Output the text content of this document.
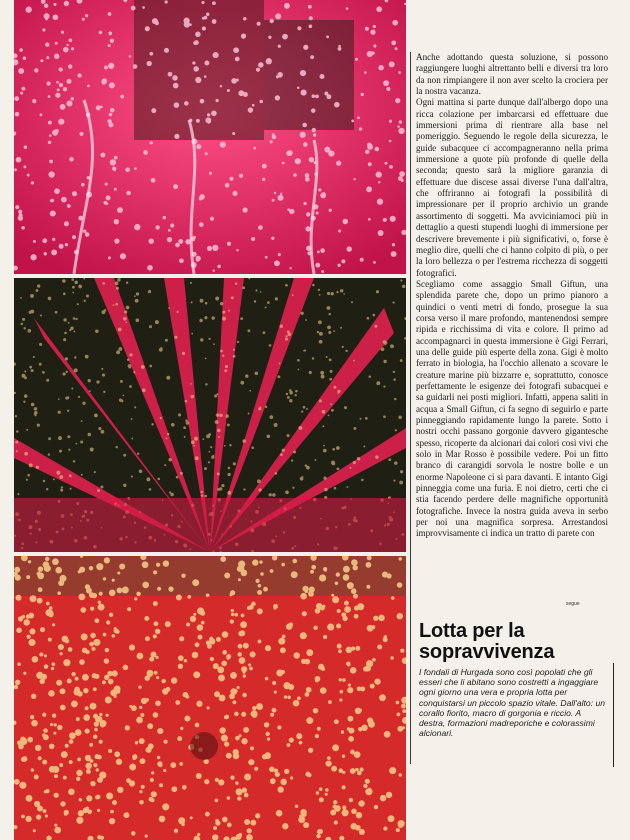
Anche adottando questa soluzione, si possono raggiungere luoghi altrettanto belli e diversi tra loro da non rimpiangere il non aver scelto la crociera per la nostra vacanza.

Ogni mattina si parte dunque dall'albergo dopo una ricca colazione per imbarcarsi ed effettuare due immersioni prima di rientrare alla base nel pomeriggio. Seguendo le regole della sicurezza, le guide subacquee ci accompagneranno nella prima immersione a quote più profonde di quelle della seconda; questo sarà la migliore garanzia di effettuare due discese assai diverse l'una dall'altra, che offriranno ai fotografi la possibilità di impressionare per il proprio archivio un grande assortimento di soggetti. Ma avviciniamoci più in dettaglio a questi stupendi luoghi di immersione per descrivere brevemente i più significativi, o, forse è meglio dire, quelli che ci hanno colpito di più, o per la loro bellezza o per l'estrema ricchezza di soggetti fotografici.

Scegliamo come assaggio Small Giftun, una splendida parete che, dopo un primo pianoro a quindici o venti metri di fondo, prosegue la sua corsa verso il mare profondo, mantenendosi sempre ripida e ricchissima di vita e colore. Il primo ad accompagnarci in questa immersione è Gigi Ferrari, una delle guide più esperte della zona. Gigi è molto ferrato in biologia, ha l'occhio allenato a scovare le creature marine più bizzarre e, soprattutto, conosce perfettamente le esigenze dei fotografi subacquei e sa guidarli nei posti migliori. Infatti, appena saliti in acqua a Small Giftun, ci fa segno di seguirlo e parte pinneggiando rapidamente lungo la parete. Sotto i nostri occhi passano gorgonie davvero gigantesche spesso, ricoperte da alcionari dai colori così vivi che solo in Mar Rosso è possibile vedere. Poi un fitto branco di carangidi sorvola le nostre bolle e un enorme Napoleone ci si para davanti. E intanto Gigi pinneggia come una furia. E noi dietro, certi che ci stia facendo perdere delle magnifiche opportunità fotografiche. Invece la nostra guida aveva in serbo per noi una magnifica sorpresa. Arrestandosi improvvisamente ci indica un tratto di parete con

segue
Lotta per la sopravvivenza
I fondali di Hurgada sono così popolati che gli esseri che li abitano sono costretti a ingaggiare ogni giorno una vera e propria lotta per conquistarsi un piccolo spazio vitale. Dall'alto: un corallo fiorito, macro di gorgonia e riccio. A destra, formazioni madreporiche e colorassimi alcionari.
